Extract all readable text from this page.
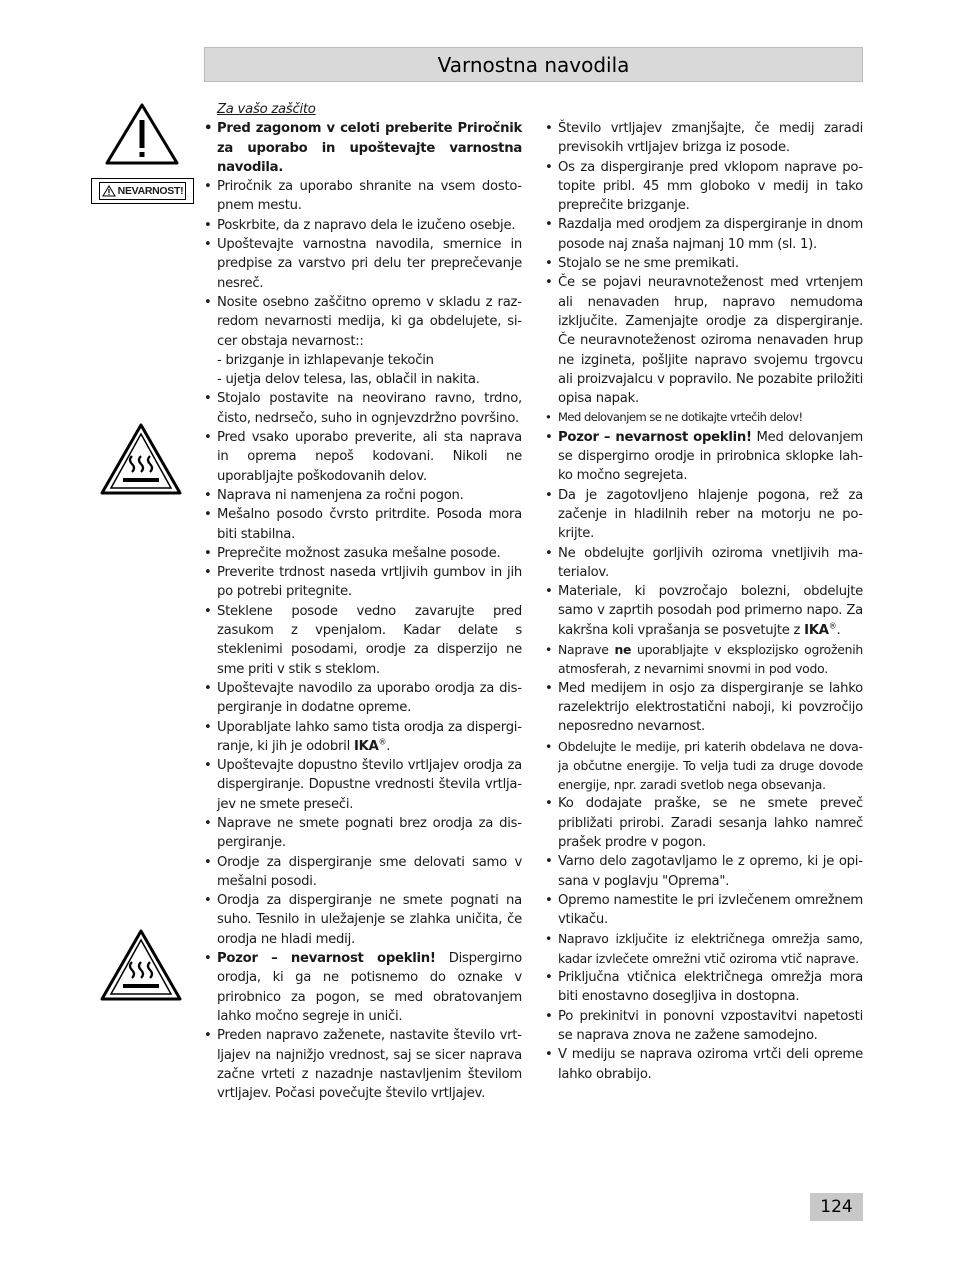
Varnostna navodila
NEVARNOST!
Za vašo zaščito
• Pred zagonom v celoti preberite Priročnik za uporabo in upoštevajte varnostna navodila.
• Priročnik za uporabo shranite na vsem dostopnem mestu.
• Poskrbite, da z napravo dela le izučeno osebje.
• Upoštevajte varnostna navodila, smernice in predpise za varstvo pri delu ter preprečevanje nesreč.
• Nosite osebno zaščitno opremo v skladu z razredom nevarnosti medija, ki ga obdelujete, sicer obstaja nevarnost::
- brizganje in izhlapevanje tekočin
- ujetja delov telesa, las, oblačil in nakita.
• Stojalo postavite na neovirano ravno, trdno, čisto, nedrsečo, suho in ognjevzdržno površino.
• Pred vsako uporabo preverite, ali sta naprava in oprema nepoš kodovani. Nikoli ne uporabljajte poškodovanih delov.
• Naprava ni namenjena za ročni pogon.
• Mešalno posodo čvrsto pritrdite. Posoda mora biti stabilna.
• Preprečite možnost zasuka mešalne posode.
• Preverite trdnost naseda vrtljivih gumbov in jih po potrebi pritegnite.
• Steklene posode vedno zavarujte pred zasukom z vpenjalom. Kadar delate s steklenimi posodami, orodje za disperzijo ne sme priti v stik s steklom.
• Upoštevajte navodilo za uporabo orodja za dispergiranje in dodatne opreme.
• Uporabljate lahko samo tista orodja za dispergiranje, ki jih je odobril IKA®.
• Upoštevajte dopustno število vrtljajev orodja za dispergiranje. Dopustne vrednosti števila vrtljajev ne smete preseči.
• Naprave ne smete pognati brez orodja za dispergiranje.
• Orodje za dispergiranje sme delovati samo v mešalni posodi.
• Orodja za dispergiranje ne smete pognati na suho. Tesnilo in uležajenje se zlahka uničita, če orodja ne hladi medij.
• Pozor – nevarnost opeklin! Dispergirno orodja, ki ga ne potisnemo do oznake v prirobnico za pogon, se med obratovanjem lahko močno segreje in uniči.
• Preden napravo zaženete, nastavite število vrtljajev na najnižjo vrednost, saj se sicer naprava začne vrteti z nazadnje nastavljenim številom vrtljajev. Počasi povečujte število vrtljajev.
• Število vrtljajev zmanjšajte, če medij zaradi previsokih vrtljajev brizga iz posode.
• Os za dispergiranje pred vklopom naprave potopite pribl. 45 mm globoko v medij in tako preprečite brizganje.
• Razdalja med orodjem za dispergiranje in dnom posode naj znaša najmanj 10 mm (sl. 1).
• Stojalo se ne sme premikati.
• Če se pojavi neuravnoteženost med vrtenjem ali nenavaden hrup, napravo nemudoma izključite. Zamenjajte orodje za dispergiranje. Če neuravnoteženost oziroma nenavaden hrup ne izgineta, pošljite napravo svojemu trgovcu ali proizvajalcu v popravilo. Ne pozabite priložiti opisa napak.
• Med delovanjem se ne dotikajte vrtečih delov!
• Pozor – nevarnost opeklin! Med delovanjem se dispergirno orodje in prirobnica sklopke lahko močno segrejeta.
• Da je zagotovljeno hlajenje pogona, rež za začenje in hladilnih reber na motorju ne pokrijte.
• Ne obdelujte gorljivih oziroma vnetljivih materialov.
• Materiale, ki povzročajo bolezni, obdelujte samo v zaprtih posodah pod primerno napo. Za kakršna koli vprašanja se posvetujte z IKA®.
• Naprave ne uporabljajte v eksplozijsko ogroženih atmosferah, z nevarnimi snovmi in pod vodo.
• Med medijem in osjo za dispergiranje se lahko razelektrijo elektrostatični naboji, ki povzročijo neposredno nevarnost.
• Obdelujte le medije, pri katerih obdelava ne dovaja občutne energije. To velja tudi za druge dovode energije, npr. zaradi svetlob nega obsevanja.
• Ko dodajate praške, se ne smete preveč približati prirobi. Zaradi sesanja lahko namreč prašek prodre v pogon.
• Varno delo zagotavljamo le z opremo, ki je opisana v poglavju "Oprema".
• Opremo namestite le pri izvlečenem omrežnem vtikaču.
• Napravo izključite iz električnega omrežja samo, kadar izvlečete omrežni vtič oziroma vtič naprave.
• Priključna vtičnica električnega omrežja mora biti enostavno dosegljiva in dostopna.
• Po prekinitvi in ponovni vzpostavitvi napetosti se naprava znova ne zažene samodejno.
• V mediju se naprava oziroma vrtči deli opreme lahko obrabijo.
124
